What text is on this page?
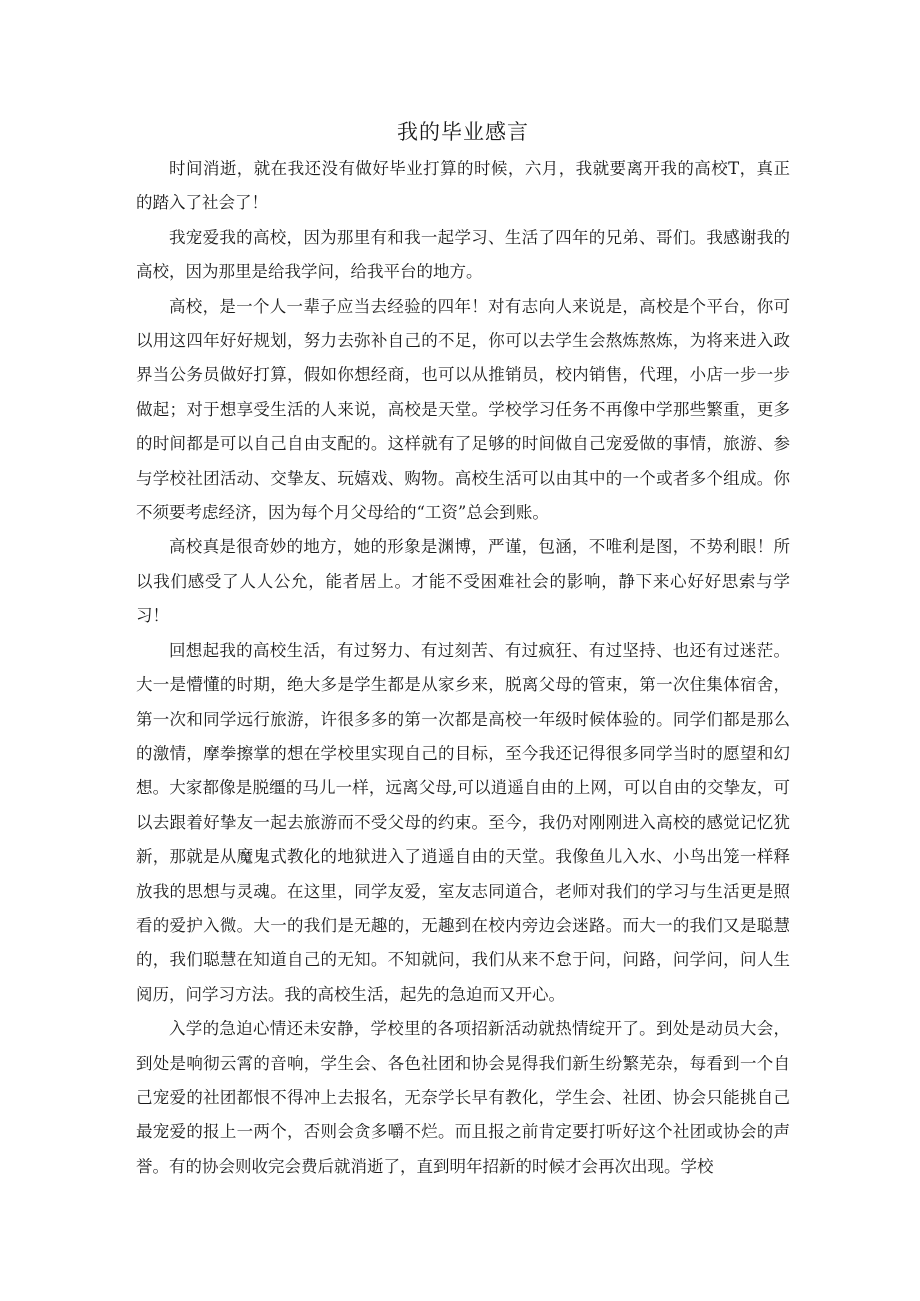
我的毕业感言

时间消逝，就在我还没有做好毕业打算的时候，六月，我就要离开我的高校T，真正的踏入了社会了！

我宠爱我的高校，因为那里有和我一起学习、生活了四年的兄弟、哥们。我感谢我的高校，因为那里是给我学问，给我平台的地方。

高校，是一个人一辈子应当去经验的四年！对有志向人来说是，高校是个平台，你可以用这四年好好规划，努力去弥补自己的不足，你可以去学生会熬炼熬炼，为将来进入政界当公务员做好打算，假如你想经商，也可以从推销员，校内销售，代理，小店一步一步做起；对于想享受生活的人来说，高校是天堂。学校学习任务不再像中学那些繁重，更多的时间都是可以自己自由支配的。这样就有了足够的时间做自己宠爱做的事情，旅游、参与学校社团活动、交挚友、玩嬉戏、购物。高校生活可以由其中的一个或者多个组成。你不须要考虑经济，因为每个月父母给的“工资”总会到账。

高校真是很奇妙的地方，她的形象是渊博，严谨，包涵，不唯利是图，不势利眼！所以我们感受了人人公允，能者居上。才能不受困难社会的影响，静下来心好好思索与学习！

回想起我的高校生活，有过努力、有过刻苦、有过疯狂、有过坚持、也还有过迷茫。大一是懵懂的时期，绝大多是学生都是从家乡来，脱离父母的管束，第一次住集体宿舍，第一次和同学远行旅游，许很多多的第一次都是高校一年级时候体验的。同学们都是那么的激情，摩拳擦掌的想在学校里实现自己的目标，至今我还记得很多同学当时的愿望和幻想。大家都像是脱缰的马儿一样，远离父母,可以逍遥自由的上网，可以自由的交挚友，可以去跟着好挚友一起去旅游而不受父母的约束。至今，我仍对刚刚进入高校的感觉记忆犹新，那就是从魔鬼式教化的地狱进入了逍遥自由的天堂。我像鱼儿入水、小鸟出笼一样释放我的思想与灵魂。在这里，同学友爱，室友志同道合，老师对我们的学习与生活更是照看的爱护入微。大一的我们是无趣的，无趣到在校内旁边会迷路。而大一的我们又是聪慧的，我们聪慧在知道自己的无知。不知就问，我们从来不怠于问，问路，问学问，问人生阅历，问学习方法。我的高校生活，起先的急迫而又开心。

入学的急迫心情还未安静，学校里的各项招新活动就热情绽开了。到处是动员大会，到处是响彻云霄的音响，学生会、各色社团和协会晃得我们新生纷繁芜杂，每看到一个自己宠爱的社团都恨不得冲上去报名，无奈学长早有教化，学生会、社团、协会只能挑自己最宠爱的报上一两个，否则会贪多嚼不烂。而且报之前肯定要打听好这个社团或协会的声誉。有的协会则收完会费后就消逝了，直到明年招新的时候才会再次出现。学校
